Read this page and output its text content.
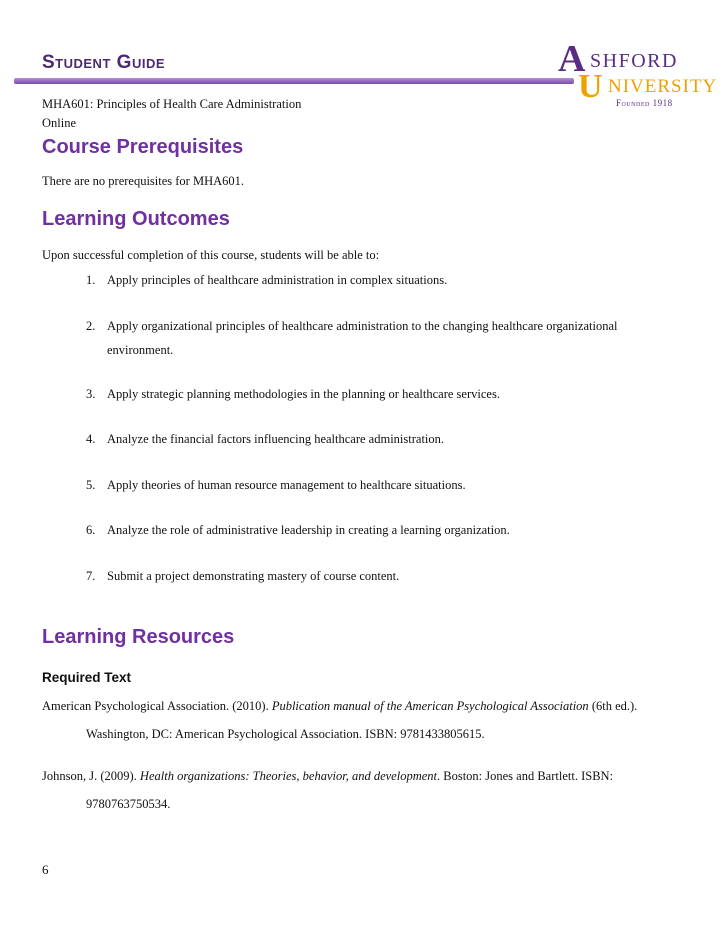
Student Guide	A SHFORD
U NIVERSITY
Founded 1918
MHA601: Principles of Health Care Administration
Online
Course Prerequisites
There are no prerequisites for MHA601.
Learning Outcomes
Upon successful completion of this course, students will be able to:
1. Apply principles of healthcare administration in complex situations.
2. Apply organizational principles of healthcare administration to the changing healthcare organizational
environment.
3. Apply strategic planning methodologies in the planning or healthcare services.
4. Analyze the financial factors influencing healthcare administration.
5. Apply theories of human resource management to healthcare situations.
6. Analyze the role of administrative leadership in creating a learning organization.
7. Submit a project demonstrating mastery of course content.
Learning Resources
Required Text
American Psychological Association. (2010). Publication manual of the American Psychological Association (6th ed.).
Washington, DC: American Psychological Association. ISBN: 9781433805615.
Johnson, J. (2009). Health organizations: Theories, behavior, and development. Boston: Jones and Bartlett. ISBN:
9780763750534.
6
